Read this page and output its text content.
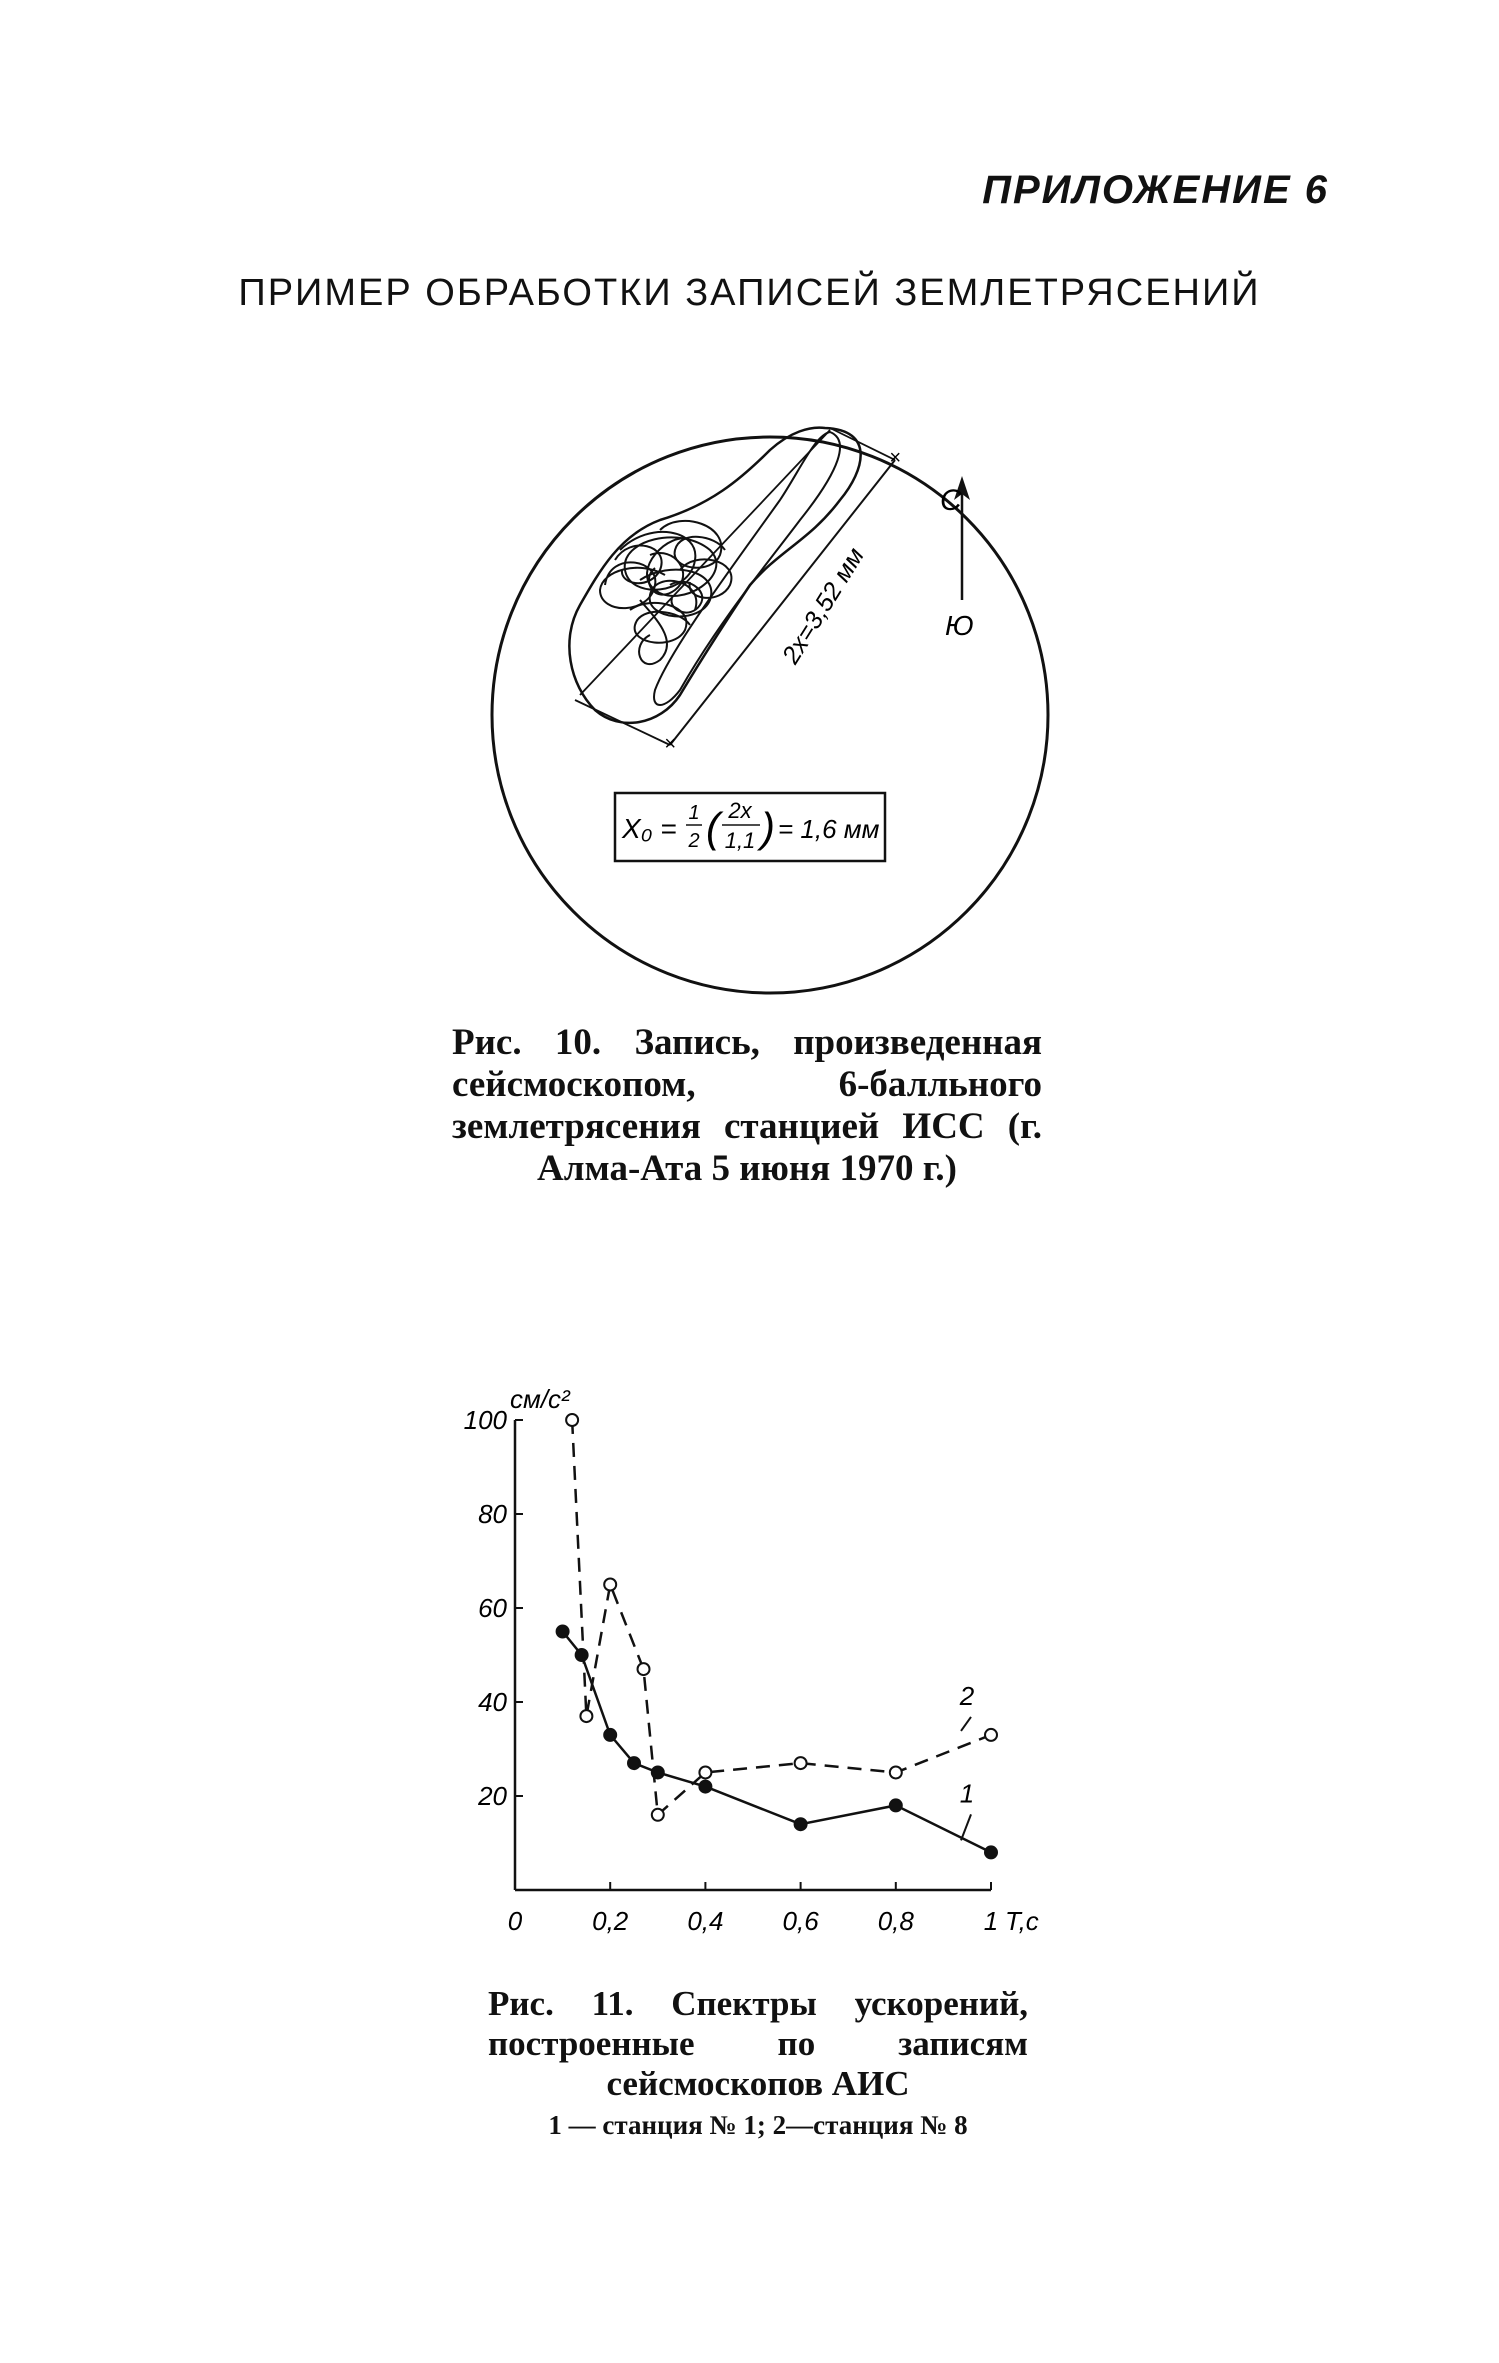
ПРИЛОЖЕНИЕ 6
ПРИМЕР ОБРАБОТКИ ЗАПИСЕЙ ЗЕМЛЕТРЯСЕНИЙ
×
×
2x=3,52 мм
С
Ю
X₀ = 1
2 ( 2x
1,1 ) = 1,6 мм
Рис. 10. Запись, произведенная сейсмоскопом, 6-балльного землетрясения станцией ИСС (г. Алма-Ата 5 июня 1970 г.)
20
40
60
80
100
0	0,2 0,4 0,6 0,8	1
см/с²
Т,с
1
2
Рис. 11. Спектры ускорений, построенные по записям сейсмоскопов АИС
1 — станция № 1; 2—станция № 8
